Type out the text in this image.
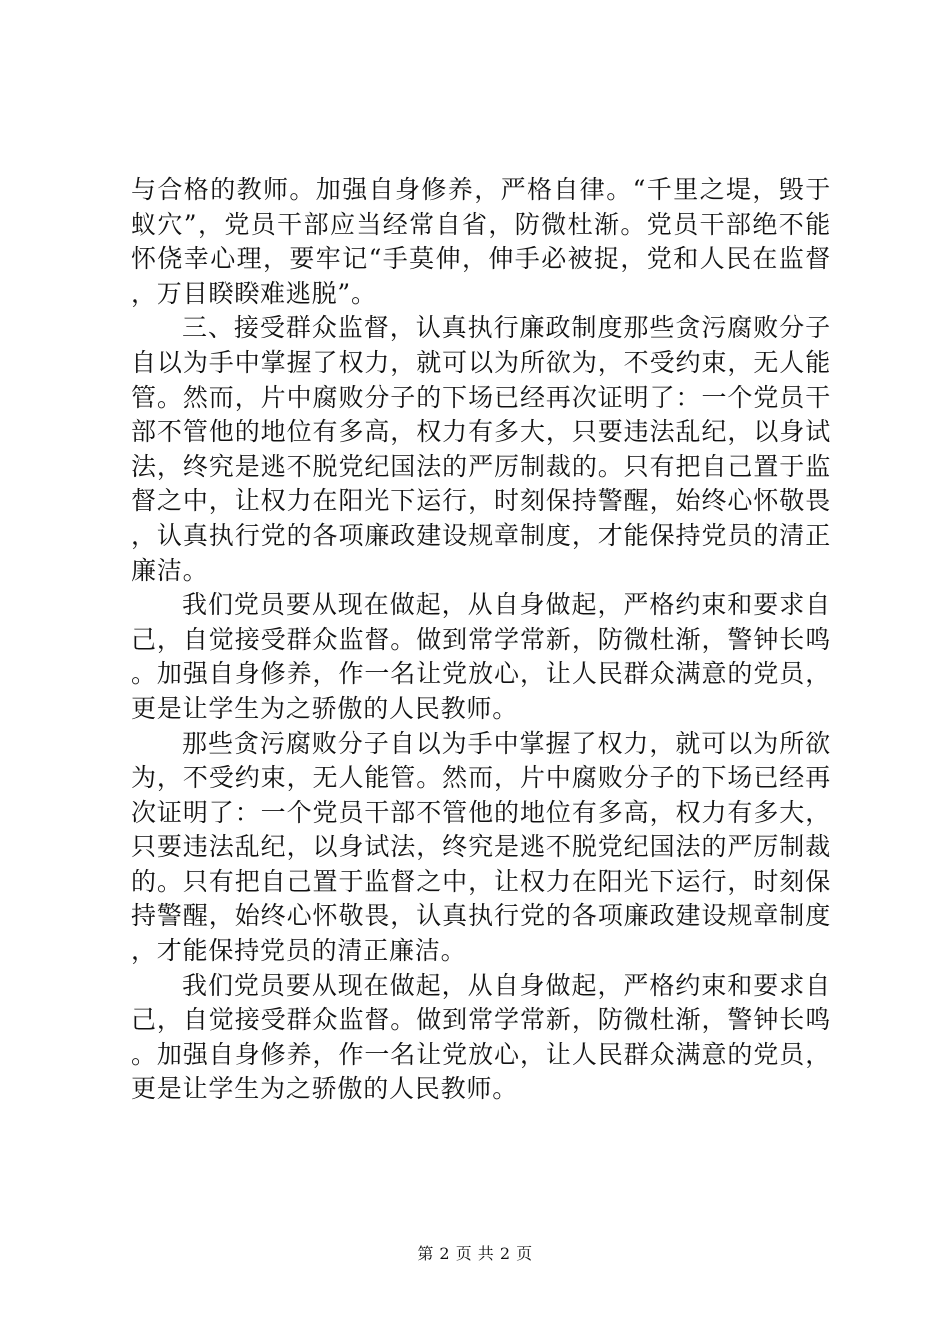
与合格的教师。加强自身修养，严格自律。“千里之堤，毁于蚁穴”，党员干部应当经常自省，防微杜渐。党员干部绝不能怀侥幸心理，要牢记“手莫伸，伸手必被捉，党和人民在监督，万目睽睽难逃脱”。

三、接受群众监督，认真执行廉政制度那些贪污腐败分子自以为手中掌握了权力，就可以为所欲为，不受约束，无人能管。然而，片中腐败分子的下场已经再次证明了：一个党员干部不管他的地位有多高，权力有多大，只要违法乱纪，以身试法，终究是逃不脱党纪国法的严厉制裁的。只有把自己置于监督之中，让权力在阳光下运行，时刻保持警醒，始终心怀敬畏，认真执行党的各项廉政建设规章制度，才能保持党员的清正廉洁。

我们党员要从现在做起，从自身做起，严格约束和要求自己，自觉接受群众监督。做到常学常新，防微杜渐，警钟长鸣。加强自身修养，作一名让党放心，让人民群众满意的党员，更是让学生为之骄傲的人民教师。

那些贪污腐败分子自以为手中掌握了权力，就可以为所欲为，不受约束，无人能管。然而，片中腐败分子的下场已经再次证明了：一个党员干部不管他的地位有多高，权力有多大，只要违法乱纪，以身试法，终究是逃不脱党纪国法的严厉制裁的。只有把自己置于监督之中，让权力在阳光下运行，时刻保持警醒，始终心怀敬畏，认真执行党的各项廉政建设规章制度，才能保持党员的清正廉洁。

我们党员要从现在做起，从自身做起，严格约束和要求自己，自觉接受群众监督。做到常学常新，防微杜渐，警钟长鸣。加强自身修养，作一名让党放心，让人民群众满意的党员，更是让学生为之骄傲的人民教师。

第 2 页 共 2 页
